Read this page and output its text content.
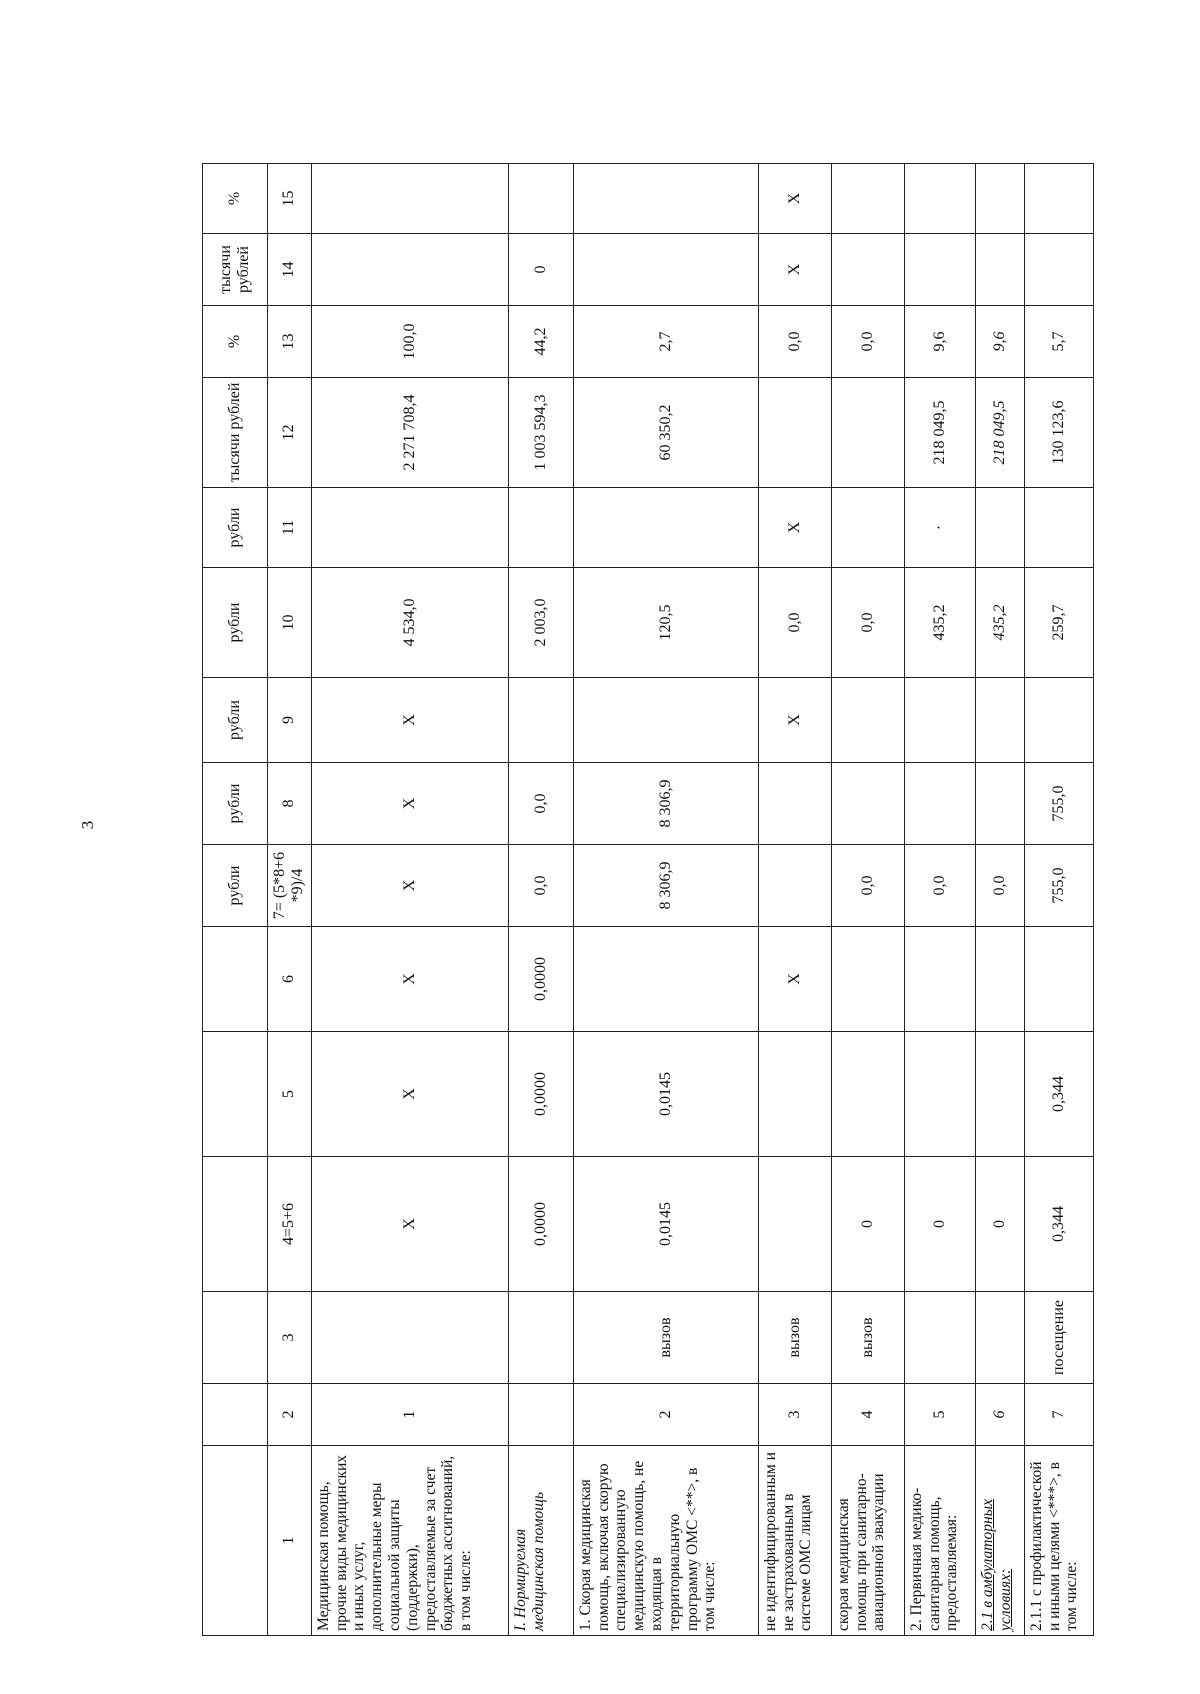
3
						рубли	рубли	рубли	рубли	рубли	тысячи рублей	%	тысячи рублей	%
1	2	3	4=5+6	5	6	7= (5*8+6 *9)/4	8	9	10	11	12	13	14	15
Медицинская помощь, прочие виды медицинских и иных услуг, дополнительные меры социальной защиты (поддержки), предоставляемые за счет бюджетных ассигнований, в том числе:	1		X	X	X	X	X	X	4 534,0		2 271 708,4	100,0		
I. Нормируемая медицинская помощь			0,0000	0,0000	0,0000	0,0	0,0		2 003,0		1 003 594,3	44,2	0	
1. Скорая медицинская помощь, включая скорую специализированную медицинскую помощь, не входящая в территориальную программу ОМС <**>, в том числе:	2	вызов	0,0145	0,0145		8 306,9	8 306,9		120,5		60 350,2	2,7		
не идентифицированным и не застрахованным в системе ОМС лицам	3	вызов			X			X	0,0	X		0,0	X	X
скорая медицинская помощь при санитарно-авиационной эвакуации	4	вызов	0			0,0			0,0			0,0		
2. Первичная медико-санитарная помощь, предоставляемая:	5		0			0,0			435,2	·	218 049,5	9,6		
2.1 в амбулаторных условиях:	6		0			0,0			435,2		218 049,5	9,6		
2.1.1 с профилактической и иными целями <***>, в том числе:	7	посещение	0,344	0,344		755,0	755,0		259,7		130 123,6	5,7		
